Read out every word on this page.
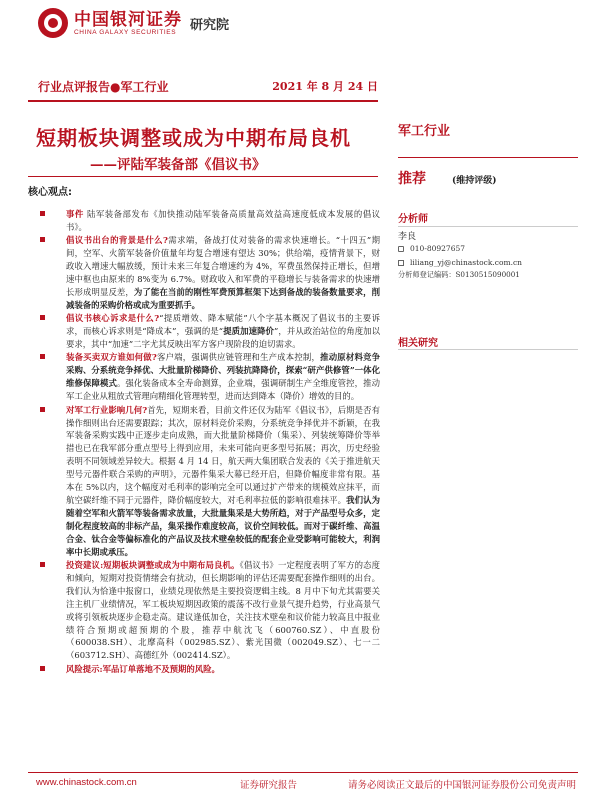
中国银河证券
CHINA GALAXY SECURITIES	研究院
行业点评报告●军工行业	2021 年 8 月 24 日
短期板块调整或成为中期布局良机
——评陆军装备部《倡议书》
核心观点:
事件 陆军装备部发布《加快推动陆军装备高质量高效益高速度低成本发展的倡议书》。
倡议书出台的背景是什么?需求端，备战打仗对装备的需求快速增长。“十四五”期间，空军、火箭军装备价值量年均复合增速有望达 30%；供给端，疫情背景下，财政收入增速大幅放缓，预计未来三年复合增速约为 4%，军费虽然保持正增长，但增速中枢也由原来的 8%变为 6.7%。财政收入和军费的平稳增长与装备需求的快速增长形成明显反差，为了能在当前的刚性军费预算框架下达到备战的装备数量要求，削减装备的采购价格或成为重要抓手。
倡议书核心诉求是什么?“提质增效、降本赋能”八个字基本概况了倡议书的主要诉求，而核心诉求则是“降成本”，强调的是“提质加速降价”，并从政治站位的角度加以要求，其中“加速”二字尤其反映出军方客户现阶段的迫切需求。
装备买卖双方谁如何做?客户端，强调供应链管理和生产成本控制，推动原材料竞争采购、分系统竞争择优、大批量阶梯降价、列装抗降降价，探索“研产供修管”一体化维修保障模式。强化装备成本全寿命测算，企业端，强调研制生产全维度管控，推动军工企业从粗放式管理向精细化管理转型，进而达到降本（降价）增效的目的。
对军工行业影响几何?首先，短期来看，目前文件还仅为陆军《倡议书》，后期是否有操作细则出台还需要跟踪；其次，原材料竞价采购，分系统竞争择优并不新颖，在我军装备采购实践中正逐步走向成熟，而大批量阶梯降价（集采）、列装统筹降价等举措也已在我军部分重点型号上得到应用，未来可能向更多型号拓展；再次，历史经验表明不同领域差异较大。根据 4 月 14 日，航天两大集团联合发表的《关于推进航天型号元器件联合采购的声明》，元器件集采大幕已经开启，但降价幅度非常有限。基本在 5%以内，这个幅度对毛利率的影响完全可以通过扩产带来的规模效应抹平，而航空碳纤维不同于元器件，降价幅度较大，对毛利率拉低的影响很难抹平。我们认为随着空军和火箭军等装备需求放量，大批量集采是大势所趋，对于产品型号众多，定制化程度较高的非标产品，集采操作难度较高，议价空间较低。而对于碳纤维、高温合金、钛合金等偏标准化的产品议及技术壁垒较低的配套企业受影响可能较大，利润率中长期或承压。
投资建议:短期板块调整或成为中期布局良机。《倡议书》一定程度表明了军方的态度和倾向，短期对投资情绪会有扰动，但长期影响的评估还需要配套操作细则的出台。我们认为恰逢中报窗口，业绩兑现依然是主要投资逻辑主线。8 月中下旬尤其需要关注主机厂业绩情况，军工板块短期因政策的震荡不改行业景气提升趋势，行业高景气或将引领板块逐步企稳走高。建议逢低加仓，关注技术壁垒和议价能力较高且中报业绩符合预期或超预期的个股，推荐中航沈飞（600760.SZ）、中直股份（600038.SH）、北摩高科（002985.SZ）、紫光国微（002049.SZ）、七一二（603712.SH）、高德红外（002414.SZ）。
风险提示:军品订单落地不及预期的风险。
军工行业
推荐	(维持评级)
分析师
李良
010-80927657
liliang_yj@chinastock.com.cn
分析师登记编码：S0130515090001
相关研究
www.chinastock.com.cn	证券研究报告	请务必阅读正文最后的中国银河证券股份公司免责声明
